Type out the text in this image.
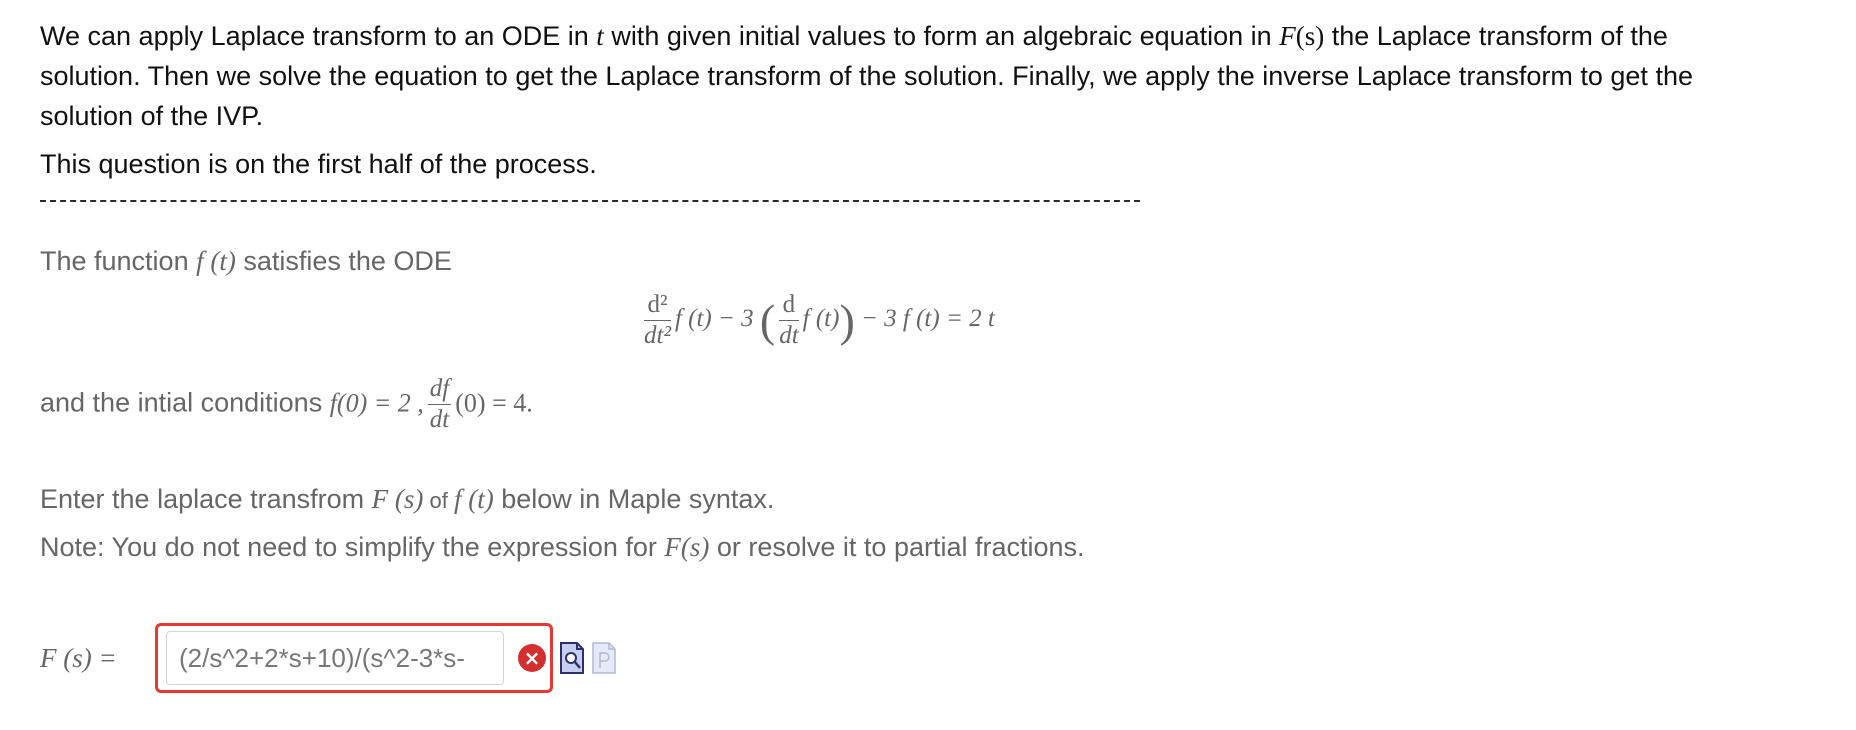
We can apply Laplace transform to an ODE in t with given initial values to form an algebraic equation in F(s) the Laplace transform of the solution. Then we solve the equation to get the Laplace transform of the solution. Finally, we apply the inverse Laplace transform to get the solution of the IVP.

This question is on the first half of the process.

The function f (t) satisfies the ODE
$\frac{\text{d²}}{\text{dt²}}$ f (t) − 3 ( $\frac{d}{dt}$ f (t)) − 3 f (t) = 2 t
and the intial conditions f(0) = 2 , $\frac{df}{dt} (0) = 4$.
Enter the laplace transfrom F (s) of f (t) below in Maple syntax.
Note: You do not need to simplify the expression for F(s) or resolve it to partial fractions.
F (s) =
(2/s^2+2*s+10)/(s^2-3*s-	×
